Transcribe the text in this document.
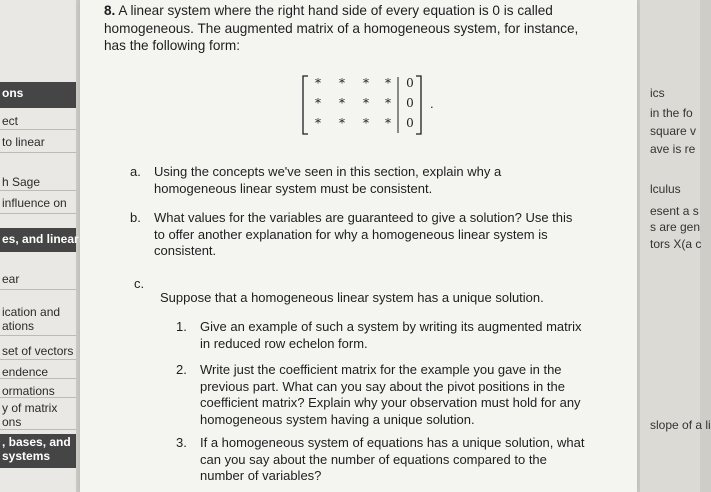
ons
ect
to linear
h Sage
influence on
es, and linear
ear
ication and
ations
set of vectors
endence
ormations
y of matrix
ons
, bases, and
systems
8. A linear system where the right hand side of every equation is 0 is called
homogeneous. The augmented matrix of a homogeneous system, for instance,
has the following form:
.
*	*	*	*	0
*	*	*	*	0
*	*	*	*	0
a. Using the concepts we've seen in this section, explain why a
homogeneous linear system must be consistent.
b. What values for the variables are guaranteed to give a solution? Use this
to offer another explanation for why a homogeneous linear system is
consistent.
c.
Suppose that a homogeneous linear system has a unique solution.
1. Give an example of such a system by writing its augmented matrix
in reduced row echelon form.
2. Write just the coefficient matrix for the example you gave in the
previous part. What can you say about the pivot positions in the
coefficient matrix? Explain why your observation must hold for any
homogeneous system having a unique solution.
3. If a homogeneous system of equations has a unique solution, what
can you say about the number of equations compared to the
number of variables?
ics
in the fo
square v
ave is re
lculus
esent a s
s are gen
tors X(a c
slope of a li
